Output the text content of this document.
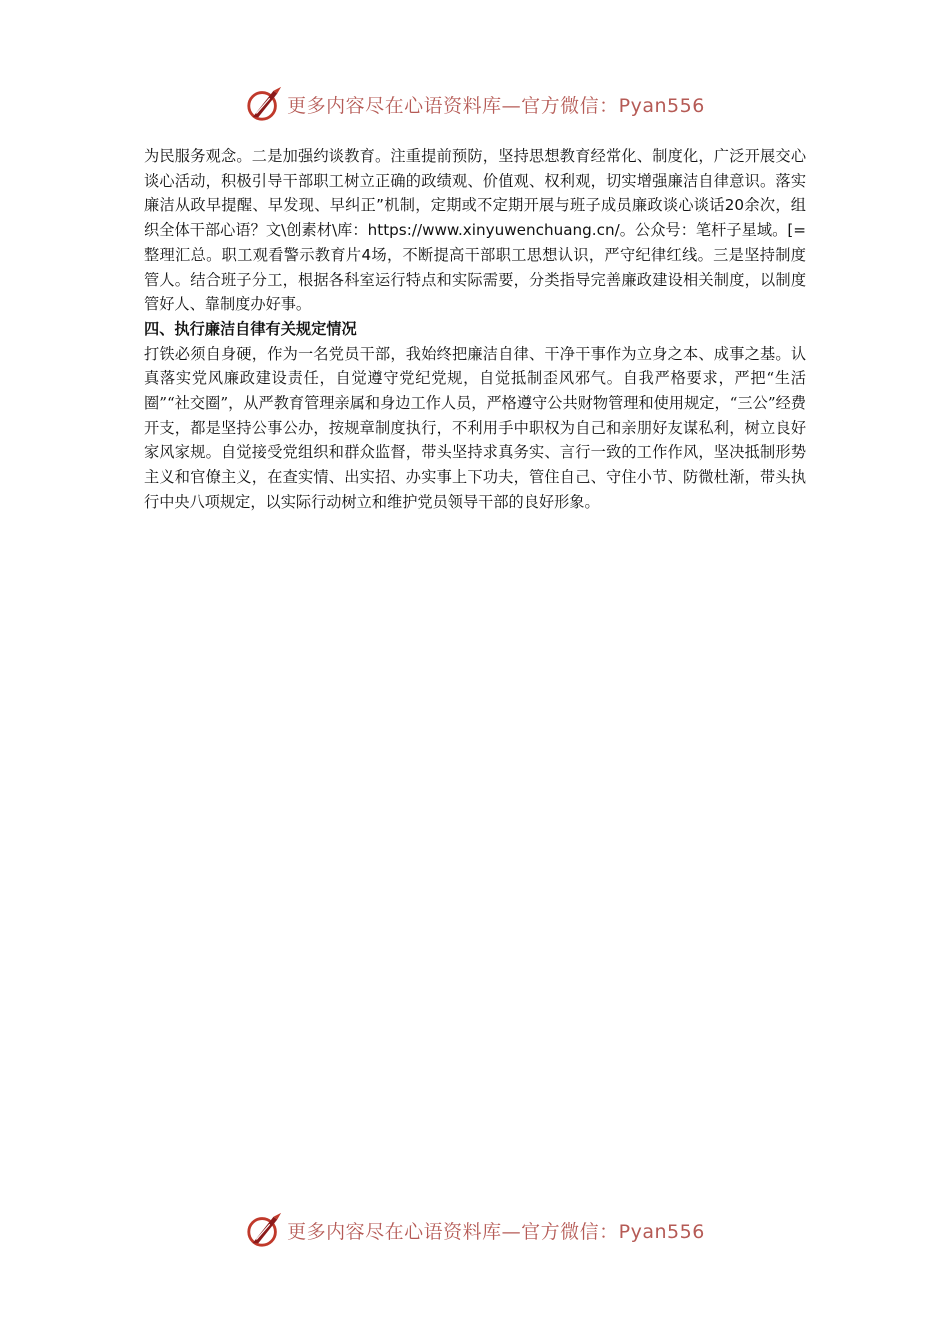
更多内容尽在心语资料库—官方微信：Pyan556

为民服务观念。二是加强约谈教育。注重提前预防，坚持思想教育经常化、制度化，广泛开展交心谈心活动，积极引导干部职工树立正确的政绩观、价值观、权利观，切实增强廉洁自律意识。落实廉洁从政早提醒、早发现、早纠正”机制，定期或不定期开展与班子成员廉政谈心谈话20余次，组织全体干部心语？文\创素材\库：https://www.xinyuwenchuang.cn/。公众号：笔杆子星域。[=整理汇总。职工观看警示教育片4场，不断提高干部职工思想认识，严守纪律红线。三是坚持制度管人。结合班子分工，根据各科室运行特点和实际需要，分类指导完善廉政建设相关制度，以制度管好人、靠制度办好事。

四、执行廉洁自律有关规定情况

打铁必须自身硬，作为一名党员干部，我始终把廉洁自律、干净干事作为立身之本、成事之基。认真落实党风廉政建设责任，自觉遵守党纪党规，自觉抵制歪风邪气。自我严格要求，严把“生活圈”“社交圈”，从严教育管理亲属和身边工作人员，严格遵守公共财物管理和使用规定，“三公”经费开支，都是坚持公事公办，按规章制度执行，不利用手中职权为自己和亲朋好友谋私利，树立良好家风家规。自觉接受党组织和群众监督，带头坚持求真务实、言行一致的工作作风，坚决抵制形势主义和官僚主义，在查实情、出实招、办实事上下功夫，管住自己、守住小节、防微杜渐，带头执行中央八项规定，以实际行动树立和维护党员领导干部的良好形象。

更多内容尽在心语资料库—官方微信：Pyan556
